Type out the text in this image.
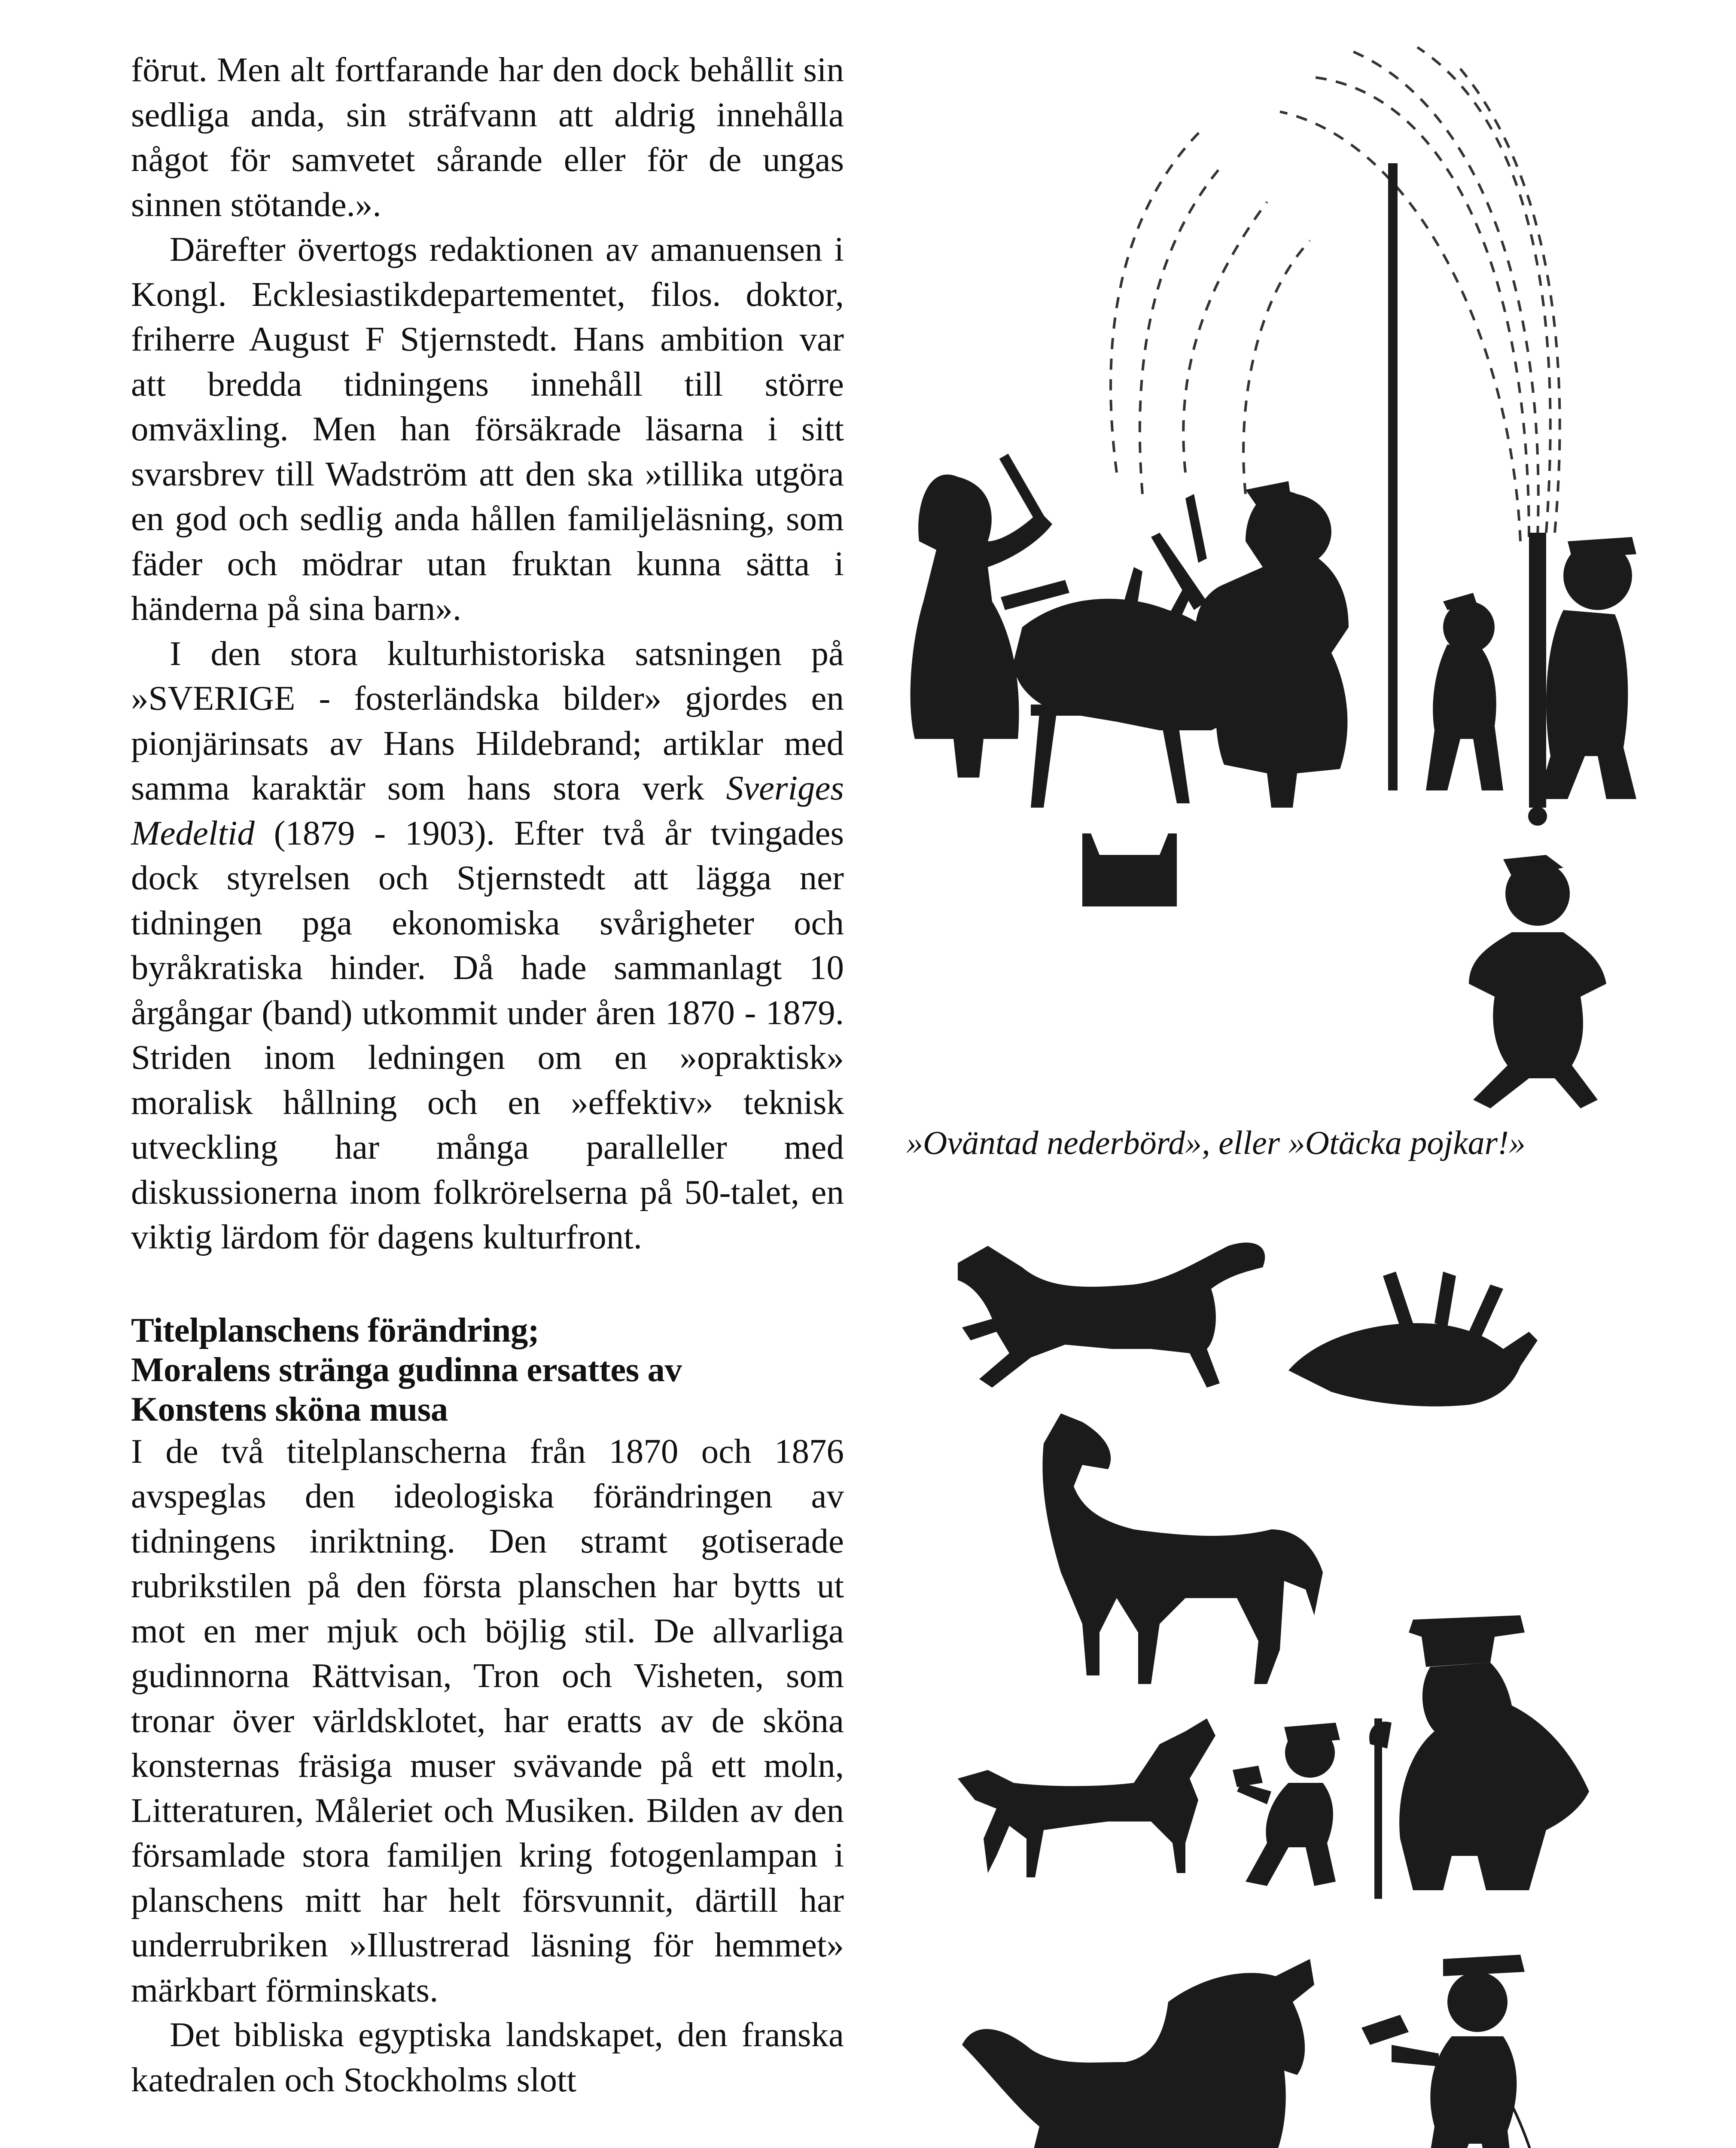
förut. Men alt fortfarande har den dock behållit sin sedliga anda, sin sträfvann att aldrig innehålla något för samvetet sårande eller för de ungas sinnen stötande.».

Därefter övertogs redaktionen av amanuensen i Kongl. Ecklesiastikdepartementet, filos. doktor, friherre August F Stjernstedt. Hans ambition var att bredda tidningens innehåll till större omväxling. Men han försäkrade läsarna i sitt svarsbrev till Wadström att den ska »tillika utgöra en god och sedlig anda hållen familjeläsning, som fäder och mödrar utan fruktan kunna sätta i händerna på sina barn».

I den stora kulturhistoriska satsningen på »SVERIGE - fosterländska bilder» gjordes en pionjärinsats av Hans Hildebrand; artiklar med samma karaktär som hans stora verk Sveriges Medeltid (1879 - 1903). Efter två år tvingades dock styrelsen och Stjernstedt att lägga ner tidningen pga ekonomiska svårigheter och byråkratiska hinder. Då hade sammanlagt 10 årgångar (band) utkommit under åren 1870 - 1879. Striden inom ledningen om en »opraktisk» moralisk hållning och en »effektiv» teknisk utveckling har många paralleller med diskussionerna inom folkrörelserna på 50-talet, en viktig lärdom för dagens kulturfront.

Titelplanschens förändring;
Moralens stränga gudinna ersattes av
Konstens sköna musa

I de två titelplanscherna från 1870 och 1876 avspeglas den ideologiska förändringen av tidningens inriktning. Den stramt gotiserade rubrikstilen på den första planschen har bytts ut mot en mer mjuk och böjlig stil. De allvarliga gudinnorna Rättvisan, Tron och Visheten, som tronar över världsklotet, har eratts av de sköna konsternas fräsiga muser svävande på ett moln, Litteraturen, Måleriet och Musiken. Bilden av den församlade stora familjen kring fotogenlampan i planschens mitt har helt försvunnit, därtill har underrubriken »Illustrerad läsning för hemmet» märkbart förminskats.

Det bibliska egyptiska landskapet, den franska katedralen och Stockholms slott

»Oväntad nederbörd», eller »Otäcka pojkar!»
